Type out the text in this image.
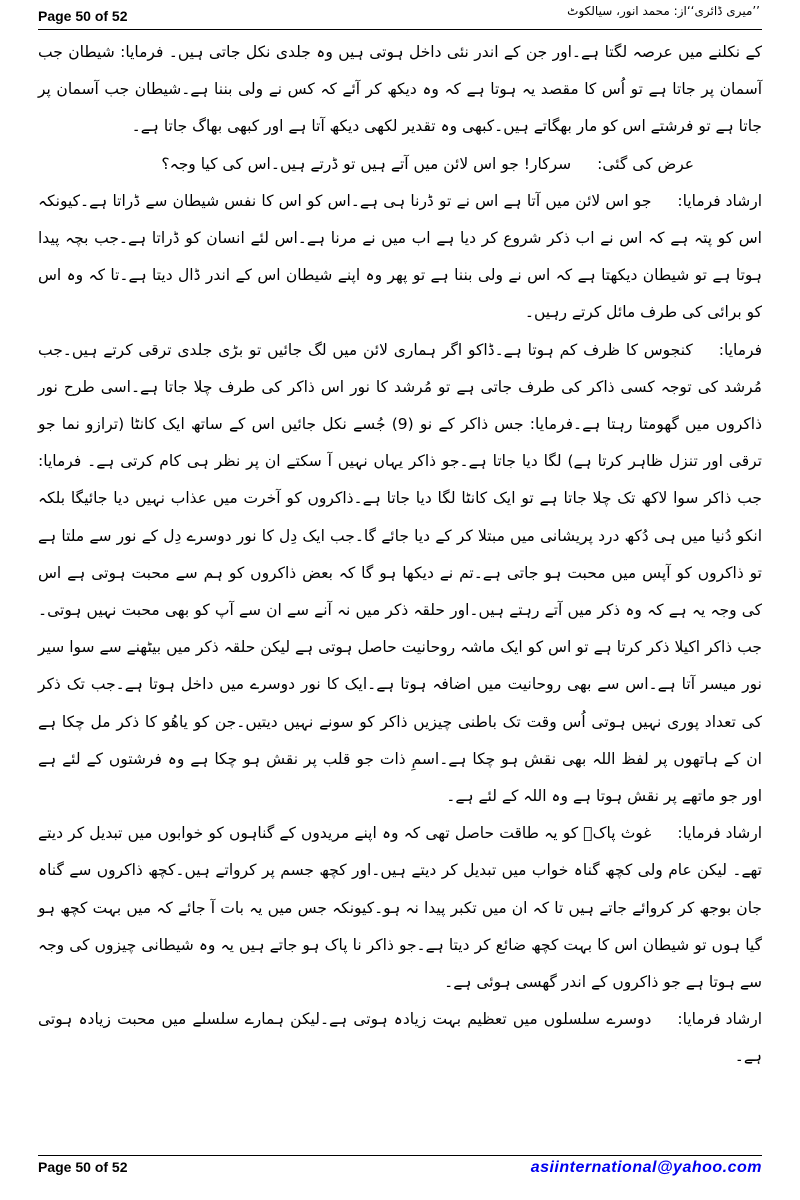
Page 50 of 52	’’میری ڈائری‘‘از: محمد انور، سیالکوٹ

کے نکلنے میں عرصہ لگتا ہے۔اور جن کے اندر نئی داخل ہوتی ہیں وہ جلدی نکل جاتی ہیں۔ فرمایا: شیطان جب آسمان پر جاتا ہے تو اُس کا مقصد یہ ہوتا ہے کہ وہ دیکھ کر آئے کہ کس نے ولی بننا ہے۔شیطان جب آسمان پر جاتا ہے تو فرشتے اس کو مار بھگاتے ہیں۔کبھی وہ تقدیر لکھی دیکھ آتا ہے اور کبھی بھاگ جاتا ہے۔

عرض کی گئی:سرکار! جو اس لائن میں آتے ہیں تو ڈرتے ہیں۔اس کی کیا وجہ؟

ارشاد فرمایا:جو اس لائن میں آتا ہے اس نے تو ڈرنا ہی ہے۔اس کو اس کا نفس شیطان سے ڈراتا ہے۔کیونکہ اس کو پتہ ہے کہ اس نے اب ذکر شروع کر دیا ہے اب میں نے مرنا ہے۔اس لئے انسان کو ڈراتا ہے۔جب بچہ پیدا ہوتا ہے تو شیطان دیکھتا ہے کہ اس نے ولی بننا ہے تو پھر وہ اپنے شیطان اس کے اندر ڈال دیتا ہے۔تا کہ وہ اس کو برائی کی طرف مائل کرتے رہیں۔

فرمایا:کنجوس کا ظرف کم ہوتا ہے۔ڈاکو اگر ہماری لائن میں لگ جائیں تو بڑی جلدی ترقی کرتے ہیں۔جب مُرشد کی توجہ کسی ذاکر کی طرف جاتی ہے تو مُرشد کا نور اس ذاکر کی طرف چلا جاتا ہے۔اسی طرح نور ذاکروں میں گھومتا رہتا ہے۔فرمایا: جس ذاکر کے نو (9) جُسے نکل جائیں اس کے ساتھ ایک کانٹا (ترازو نما جو ترقی اور تنزل ظاہر کرتا ہے) لگا دیا جاتا ہے۔جو ذاکر یہاں نہیں آ سکتے ان پر نظر ہی کام کرتی ہے۔ فرمایا: جب ذاکر سوا لاکھ تک چلا جاتا ہے تو ایک کانٹا لگا دیا جاتا ہے۔ذاکروں کو آخرت میں عذاب نہیں دیا جائیگا بلکہ انکو دُنیا میں ہی دُکھ درد پریشانی میں مبتلا کر کے دیا جائے گا۔جب ایک دِل کا نور دوسرے دِل کے نور سے ملتا ہے تو ذاکروں کو آپس میں محبت ہو جاتی ہے۔تم نے دیکھا ہو گا کہ بعض ذاکروں کو ہم سے محبت ہوتی ہے اس کی وجہ یہ ہے کہ وہ ذکر میں آتے رہتے ہیں۔اور حلقہ ذکر میں نہ آنے سے ان سے آپ کو بھی محبت نہیں ہوتی۔جب ذاکر اکیلا ذکر کرتا ہے تو اس کو ایک ماشہ روحانیت حاصل ہوتی ہے لیکن حلقہ ذکر میں بیٹھنے سے سوا سیر نور میسر آتا ہے۔اس سے بھی روحانیت میں اضافہ ہوتا ہے۔ایک کا نور دوسرے میں داخل ہوتا ہے۔جب تک ذکر کی تعداد پوری نہیں ہوتی اُس وقت تک باطنی چیزیں ذاکر کو سونے نہیں دیتیں۔جن کو یاھُو کا ذکر مل چکا ہے ان کے ہاتھوں پر لفظ اللہ بھی نقش ہو چکا ہے۔اسمِ ذات جو قلب پر نقش ہو چکا ہے وہ فرشتوں کے لئے ہے اور جو ماتھے پر نقش ہوتا ہے وہ اللہ کے لئے ہے۔

ارشاد فرمایا:غوث پاکؒ کو یہ طاقت حاصل تھی کہ وہ اپنے مریدوں کے گناہوں کو خوابوں میں تبدیل کر دیتے تھے۔ لیکن عام ولی کچھ گناہ خواب میں تبدیل کر دیتے ہیں۔اور کچھ جسم پر کرواتے ہیں۔کچھ ذاکروں سے گناہ جان بوجھ کر کروائے جاتے ہیں تا کہ ان میں تکبر پیدا نہ ہو۔کیونکہ جس میں یہ بات آ جائے کہ میں بہت کچھ ہو گیا ہوں تو شیطان اس کا بہت کچھ ضائع کر دیتا ہے۔جو ذاکر نا پاک ہو جاتے ہیں یہ وہ شیطانی چیزوں کی وجہ سے ہوتا ہے جو ذاکروں کے اندر گھسی ہوئی ہے۔

ارشاد فرمایا:دوسرے سلسلوں میں تعظیم بہت زیادہ ہوتی ہے۔لیکن ہمارے سلسلے میں محبت زیادہ ہوتی ہے۔

Page 50 of 52	asiinternational@yahoo.com
